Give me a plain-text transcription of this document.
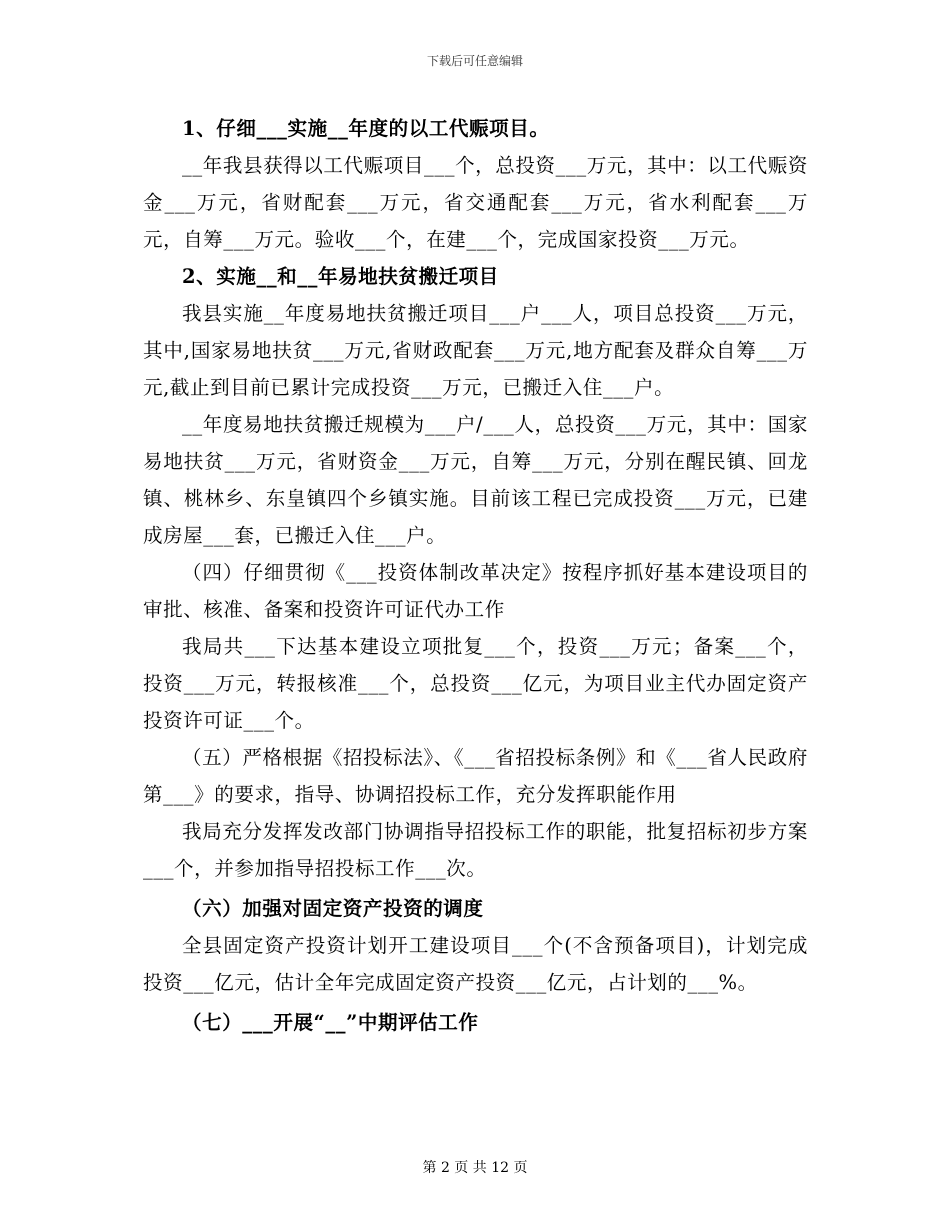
下载后可任意编辑

1、仔细___实施__年度的以工代赈项目。

__年我县获得以工代赈项目___个，总投资___万元，其中：以工代赈资金___万元，省财配套___万元，省交通配套___万元，省水利配套___万元，自筹___万元。验收___个，在建___个，完成国家投资___万元。

2、实施__和__年易地扶贫搬迁项目

我县实施__年度易地扶贫搬迁项目___户___人，项目总投资___万元，其中,国家易地扶贫___万元,省财政配套___万元,地方配套及群众自筹___万元,截止到目前已累计完成投资___万元，已搬迁入住___户。

__年度易地扶贫搬迁规模为___户/___人，总投资___万元，其中：国家易地扶贫___万元，省财资金___万元，自筹___万元，分别在醒民镇、回龙镇、桃林乡、东皇镇四个乡镇实施。目前该工程已完成投资___万元，已建成房屋___套，已搬迁入住___户。

（四）仔细贯彻《___投资体制改革决定》按程序抓好基本建设项目的审批、核准、备案和投资许可证代办工作

我局共___下达基本建设立项批复___个，投资___万元；备案___个，投资___万元，转报核准___个，总投资___亿元，为项目业主代办固定资产投资许可证___个。

（五）严格根据《招投标法》、《___省招投标条例》和《___省人民政府第___》的要求，指导、协调招投标工作，充分发挥职能作用

我局充分发挥发改部门协调指导招投标工作的职能，批复招标初步方案___个，并参加指导招投标工作___次。

（六）加强对固定资产投资的调度

全县固定资产投资计划开工建设项目___个(不含预备项目)，计划完成投资___亿元，估计全年完成固定资产投资___亿元，占计划的___%。

（七）___开展“__”中期评估工作

第 2 页 共 12 页
